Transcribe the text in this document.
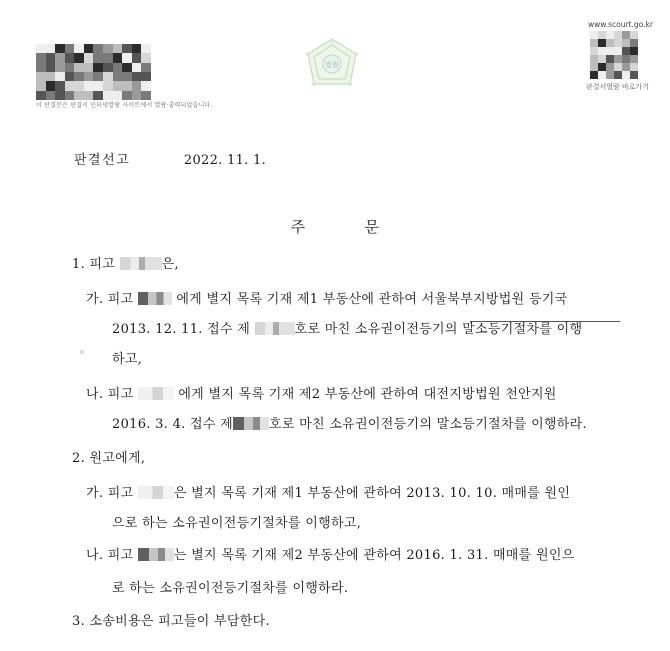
이 판결문은 판결서 인터넷열람 사이트에서 열람·출력되었습니다.
법원
www.scourt.go.kr
판결서열람 바로가기
판결선고	2022. 11. 1.
주	문
1. 피고	은,
가. 피고	에게 별지 목록 기재 제1 부동산에 관하여 서울북부지방법원 등기국
2013. 12. 11. 접수 제	호로 마친 소유권이전등기의 말소등기절차를 이행
하고,
나. 피고	에게 별지 목록 기재 제2 부동산에 관하여 대전지방법원 천안지원
2016. 3. 4. 접수 제	호로 마친 소유권이전등기의 말소등기절차를 이행하라.
2. 원고에게,
가. 피고	은 별지 목록 기재 제1 부동산에 관하여 2013. 10. 10. 매매를 원인
으로 하는 소유권이전등기절차를 이행하고,
나. 피고	는 별지 목록 기재 제2 부동산에 관하여 2016. 1. 31. 매매를 원인으
로 하는 소유권이전등기절차를 이행하라.
3. 소송비용은 피고들이 부담한다.
